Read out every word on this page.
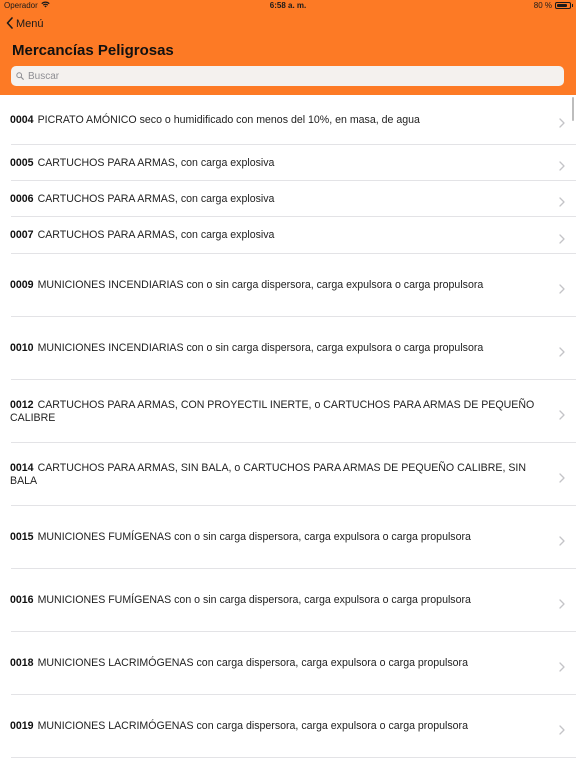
Operador	6:58 a. m.	80 %
Menú
Mercancías Peligrosas
Buscar
0004 PICRATO AMÓNICO seco o humidificado con menos del 10%, en masa, de agua
0005 CARTUCHOS PARA ARMAS, con carga explosiva
0006 CARTUCHOS PARA ARMAS, con carga explosiva
0007 CARTUCHOS PARA ARMAS, con carga explosiva
0009 MUNICIONES INCENDIARIAS con o sin carga dispersora, carga expulsora o carga propulsora
0010 MUNICIONES INCENDIARIAS con o sin carga dispersora, carga expulsora o carga propulsora
0012 CARTUCHOS PARA ARMAS, CON PROYECTIL INERTE, o CARTUCHOS PARA ARMAS DE PEQUEÑO CALIBRE
0014 CARTUCHOS PARA ARMAS, SIN BALA, o CARTUCHOS PARA ARMAS DE PEQUEÑO CALIBRE, SIN BALA
0015 MUNICIONES FUMÍGENAS con o sin carga dispersora, carga expulsora o carga propulsora
0016 MUNICIONES FUMÍGENAS con o sin carga dispersora, carga expulsora o carga propulsora
0018 MUNICIONES LACRIMÓGENAS con carga dispersora, carga expulsora o carga propulsora
0019 MUNICIONES LACRIMÓGENAS con carga dispersora, carga expulsora o carga propulsora
